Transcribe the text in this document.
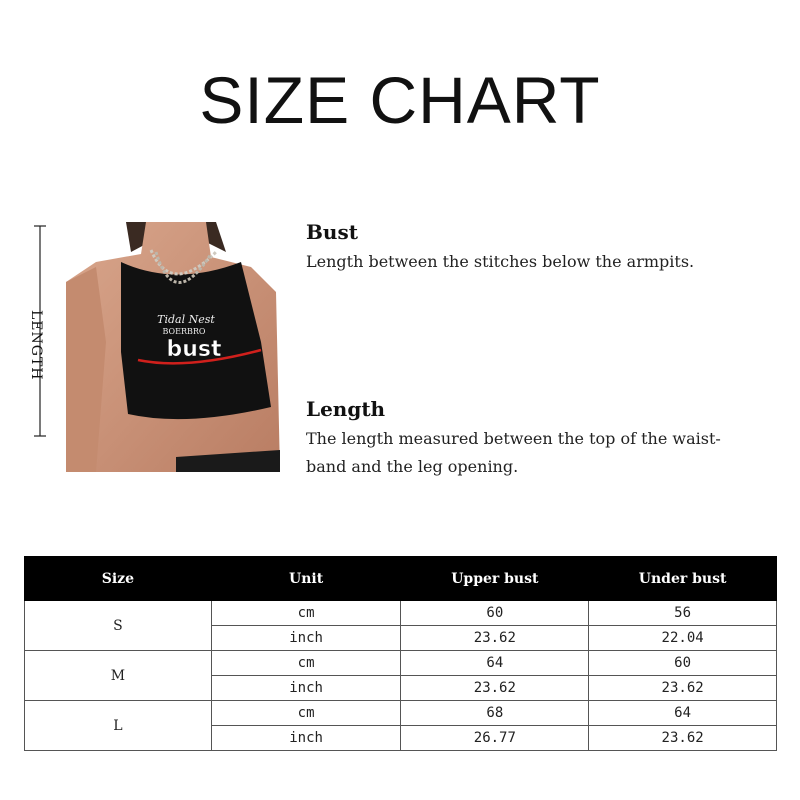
SIZE CHART
LENGTH	Tidal Nest
BOERBRO
bust
Bust

Length between the stitches below the armpits.

Length

The length measured between the top of the waist-
band and the leg opening.

Size	Unit	Upper bust	Under bust
S	cm	60	56
	inch	23.62	22.04
M	cm	64	60
	inch	23.62	23.62
L	cm	68	64
	inch	26.77	23.62
